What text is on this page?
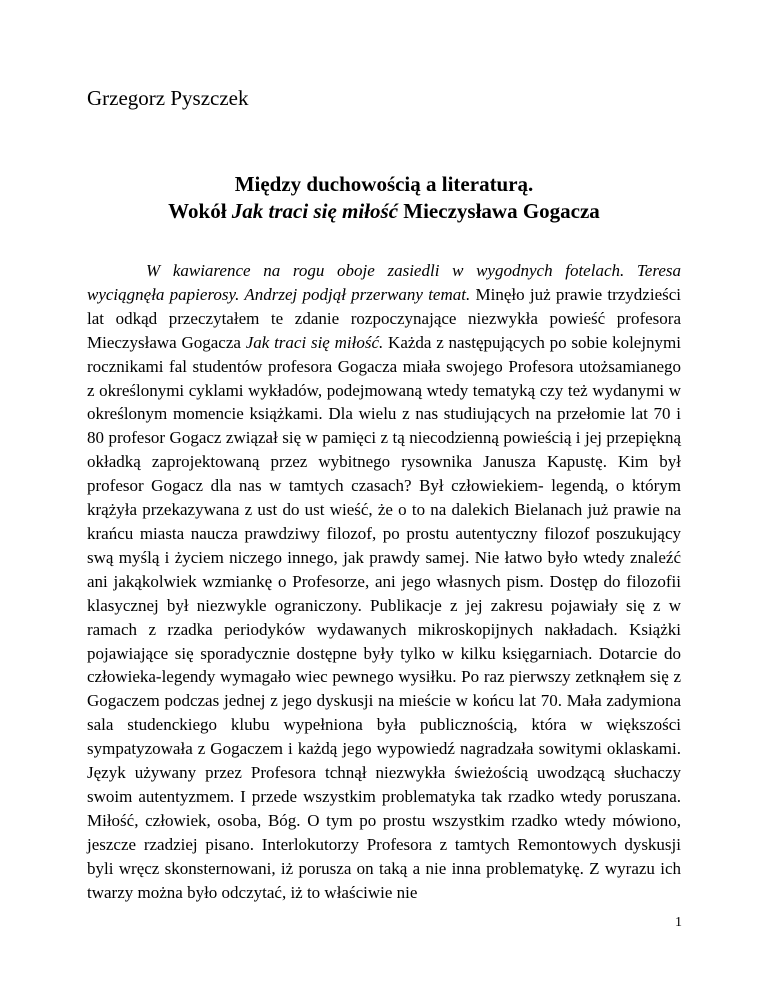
Grzegorz Pyszczek

Między duchowością a literaturą.
Wokół Jak traci się miłość Mieczysława Gogacza

W kawiarence na rogu oboje zasiedli w wygodnych fotelach. Teresa wyciągnęła papierosy. Andrzej podjął przerwany temat. Minęło już prawie trzydzieści lat odkąd przeczytałem te zdanie rozpoczynające niezwykła powieść profesora Mieczysława Gogacza Jak traci się miłość. Każda z następujących po sobie kolejnymi rocznikami fal studentów profesora Gogacza miała swojego Profesora utożsamianego z określonymi cyklami wykładów, podejmowaną wtedy tematyką czy też wydanymi w określonym momencie książkami. Dla wielu z nas studiujących na przełomie lat 70 i 80 profesor Gogacz związał się w pamięci z tą niecodzienną powieścią i jej przepiękną okładką zaprojektowaną przez wybitnego rysownika Janusza Kapustę. Kim był profesor Gogacz dla nas w tamtych czasach? Był człowiekiem- legendą, o którym krążyła przekazywana z ust do ust wieść, że o to na dalekich Bielanach już prawie na krańcu miasta naucza prawdziwy filozof, po prostu autentyczny filozof poszukujący swą myślą i życiem niczego innego, jak prawdy samej. Nie łatwo było wtedy znaleźć ani jakąkolwiek wzmiankę o Profesorze, ani jego własnych pism. Dostęp do filozofii klasycznej był niezwykle ograniczony. Publikacje z jej zakresu pojawiały się z w ramach z rzadka periodyków wydawanych mikroskopijnych nakładach. Książki pojawiające się sporadycznie dostępne były tylko w kilku księgarniach. Dotarcie do człowieka-legendy wymagało wiec pewnego wysiłku. Po raz pierwszy zetknąłem się z Gogaczem podczas jednej z jego dyskusji na mieście w końcu lat 70. Mała zadymiona sala studenckiego klubu wypełniona była publicznością, która w większości sympatyzowała z Gogaczem i każdą jego wypowiedź nagradzała sowitymi oklaskami. Język używany przez Profesora tchnął niezwykła świeżością uwodzącą słuchaczy swoim autentyzmem. I przede wszystkim problematyka tak rzadko wtedy poruszana. Miłość, człowiek, osoba, Bóg. O tym po prostu wszystkim rzadko wtedy mówiono, jeszcze rzadziej pisano. Interlokutorzy Profesora z tamtych Remontowych dyskusji byli wręcz skonsternowani, iż porusza on taką a nie inna problematykę. Z wyrazu ich twarzy można było odczytać, iż to właściwie nie

1
